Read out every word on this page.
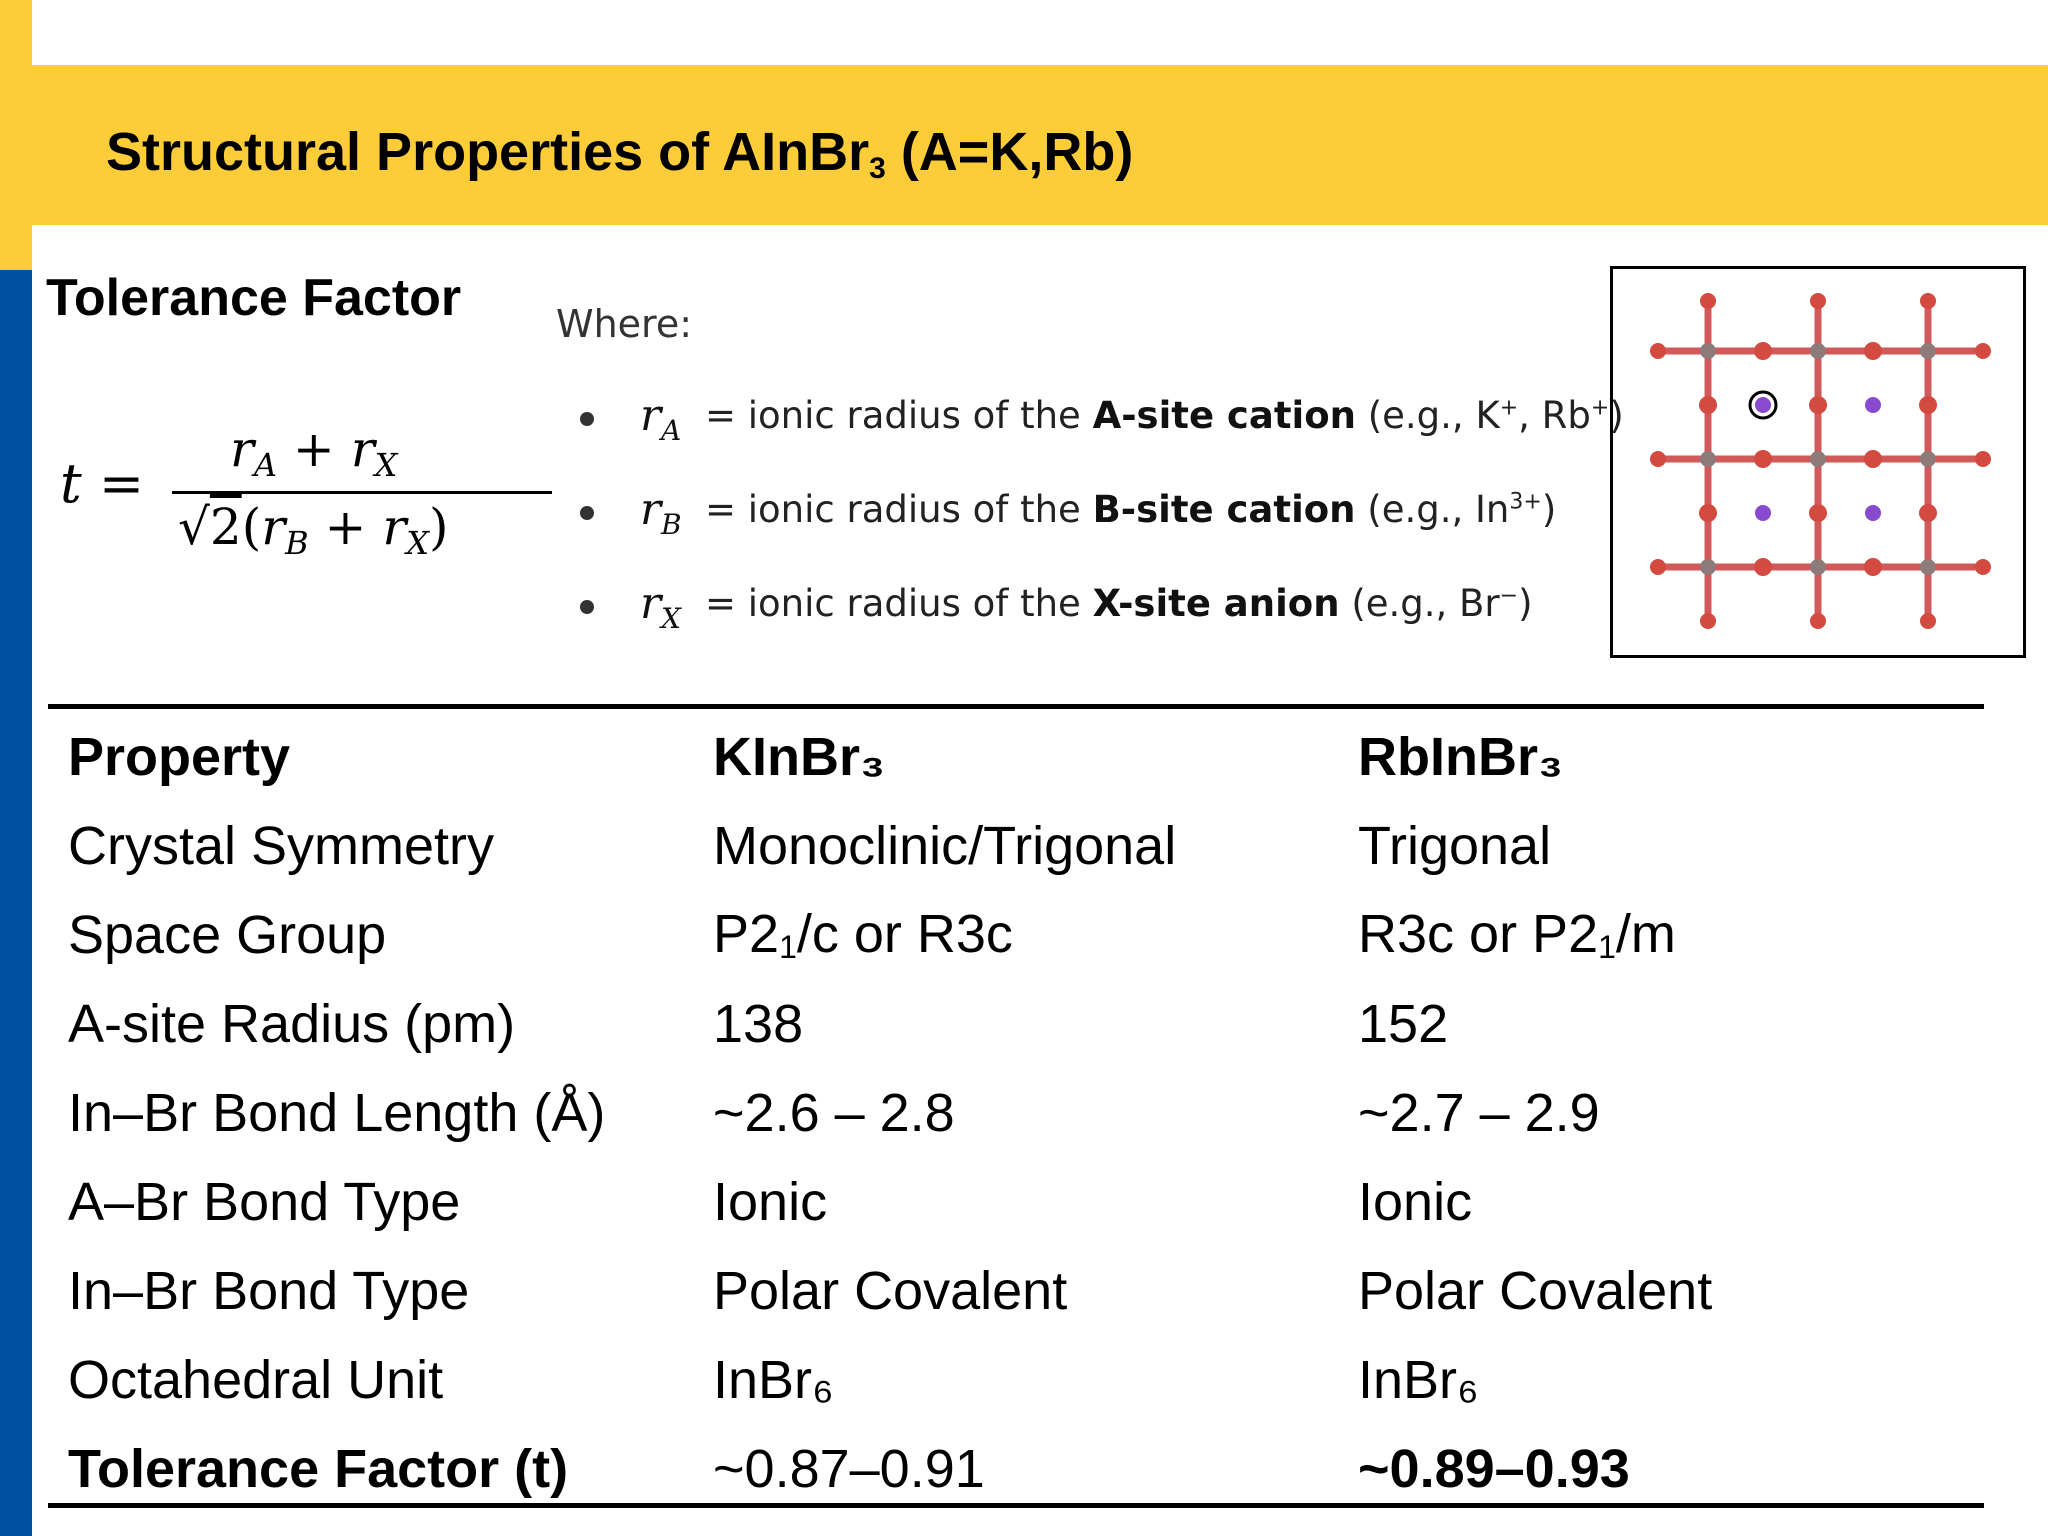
Structural Properties of AInBr$_3$ (A=K,Rb)
Tolerance Factor
t =
$r_A + r_X$
$√2(r_B + r_X)$
Where:
$r_A$ = ionic radius of the A-site cation (e.g., K+, Rb+)
$r_B$ = ionic radius of the B-site cation (e.g., $In^{3+}$)
$r_X$ = ionic radius of the X-site anion (e.g., Br−)
Property	KInBr₃	RbInBr₃
Crystal Symmetry	Monoclinic/Trigonal	Trigonal
Space Group	$P2_1/c$ or R3c	R3c or $P2_1/m$
A-site Radius (pm)	138	152
In–Br Bond Length (Å)	~2.6 – 2.8	~2.7 – 2.9
A–Br Bond Type	Ionic	Ionic
In–Br Bond Type	Polar Covalent	Polar Covalent
Octahedral Unit	InBr₆	InBr₆
Tolerance Factor (t)	~0.87–0.91	~0.89–0.93
